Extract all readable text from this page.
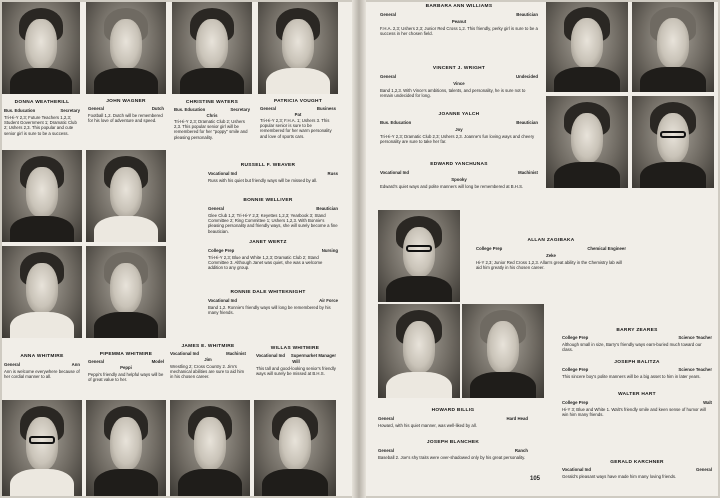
DONNA WEATHERILL
Bus. Education	Secretary
Tri-Hi-Y 2,3; Future Teachers 1,2,3; Student Government 1; Dramatic Club 2; Ushers 2,3. This popular and cute senior girl is sure to be a success.
JOHN WAGNER
General	Dutch
Football 1,2. Dutch will be remembered for his love of adventure and speed.
CHRISTINE WATERS
Bus. Education	Secretary
Chris
Tri-Hi-Y 2,3; Dramatic Club 2; Ushers 2,3. This popular senior girl will be remembered for her "poppy" smile and pleasing personality.
PATRICIA VOUGHT
General	Business
Pat
Tri-Hi-Y 2,3; F.H.A. 1; Ushers 3. This popular senior is sure to be remembered for her warm personality and love of sports cars.
RUSSELL F. WEAVER
Vocational Ind	Russ
Russ with his quiet but friendly ways will be missed by all.
BONNIE WELLIVER
General	Beautician
Glee Club 1,2; Tri-Hi-Y 2,3; Keyettes 1,2,3; Yearbook 3; Stand Committee 2; Ring Committee 1; Ushers 1,2,3. With Bonnie's pleasing personality and friendly ways, she will surely become a fine beautician.
JANET WERTZ
College Prep	Nursing
Tri-Hi-Y 2,3; Blue and White 1,2,3; Dramatic Club 2; Stand Committee 3. Although Janet was quiet, she was a welcome addition to any group.
RONNIE DALE WHITEKNIGHT
Vocational Ind	Air Force
Band 1,2. Ronnie's friendly ways will long be remembered by his many friends.
ANNA WHITMIRE
General	Ann
Ann is welcome everywhere because of her cordial manner to all.
PIPEMMA WHITMIRE
General	Model
Peppi
Peppi's friendly and helpful ways will be of great value to her.
JAMES E. WHITMIRE
Vocational Ind	Machinist
Jim
Wrestling 2; Cross Country 2. Jim's mechanical abilities are sure to aid him in his chosen career.
WILLAS WHITMIRE
Vocational Ind Supermarket Manager
Will
This tall and good-looking senior's friendly ways will surely be missed at B.H.S.
BARBARA ANN WILLIAMS
General	Beautician
Peanut
F.H.A. 2,3; Ushers 2,3; Junior Red Cross 1,2. This friendly, perky girl is sure to be a success in her chosen field.
VINCENT J. WRIGHT
General	Undecided
Vince
Band 1,2,3. With Vince's ambitions, talents, and personality, he is sure not to remain undecided for long.
JOANNE YALCH
Bus. Education	Beautician
Joy
Tri-Hi-Y 2,3; Dramatic Club 2,3; Ushers 2,3. Joanne's fun loving ways and cheery personality are sure to take her far.
EDWARD YANCHUNAS
Vocational Ind	Machinist
Spooky
Edward's quiet ways and polite manners will long be remembered at B.H.S.
ALLAN ZAGIBAKA
College Prep	Chemical Engineer
Zeke
Hi-Y 2,3; Junior Red Cross 1,2,3. Allan's great ability in the Chemistry lab will aid him greatly in his chosen career.
BARRY ZEARES
College Prep	Science Teacher
Although small in size, Barry's friendly ways earn-buried much toward our class.
JOSEPH BALITZA
College Prep	Science Teacher
This sincere boy's polite manners will be a big asset to him in later years.
WALTER HART
College Prep	Walt
Hi-Y 3; Blue and White 1. Walt's friendly smile and keen sense of humor will win him many friends.
HOWARD BILLIG
General	Hard Head
Howard, with his quiet manner, was well-liked by all.
JOSEPH BLANCHEK
General	Ranch
Baseball 2. Joe's shy traits were over-shadowed only by his great personality.
105
GERALD KARCHNER
Vocational Ind	General
Gerald's pleasant ways have made him many loving friends.
